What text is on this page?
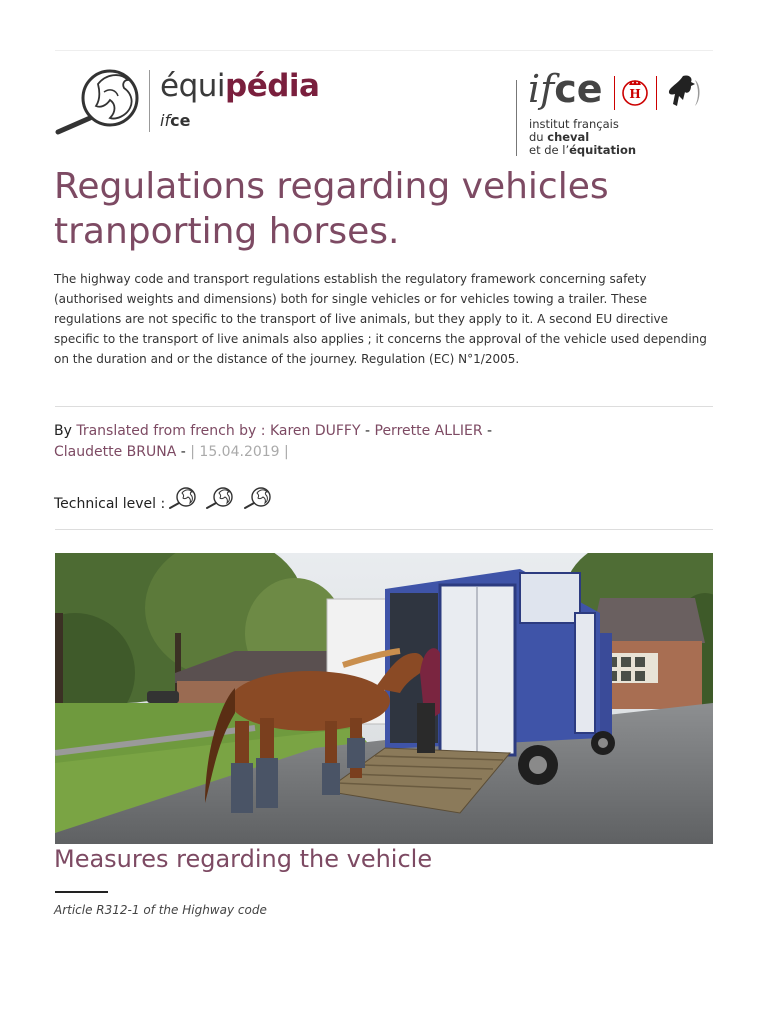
équipédia
ifce
ifce H
institut français
du cheval
et de l’équitation
Regulations regarding vehicles tranporting horses.

The highway code and transport regulations establish the regulatory framework concerning safety (authorised weights and dimensions) both for single vehicles or for vehicles towing a trailer. These regulations are not specific to the transport of live animals, but they apply to it. A second EU directive specific to the transport of live animals also applies ; it concerns the approval of the vehicle used depending on the duration and or the distance of the journey. Regulation (EC) N°1/2005.

By Translated from french by : Karen DUFFY - Perrette ALLIER -
Claudette BRUNA - | 15.04.2019 |
Technical level :

Measures regarding the vehicle
Article R312-1 of the Highway code
